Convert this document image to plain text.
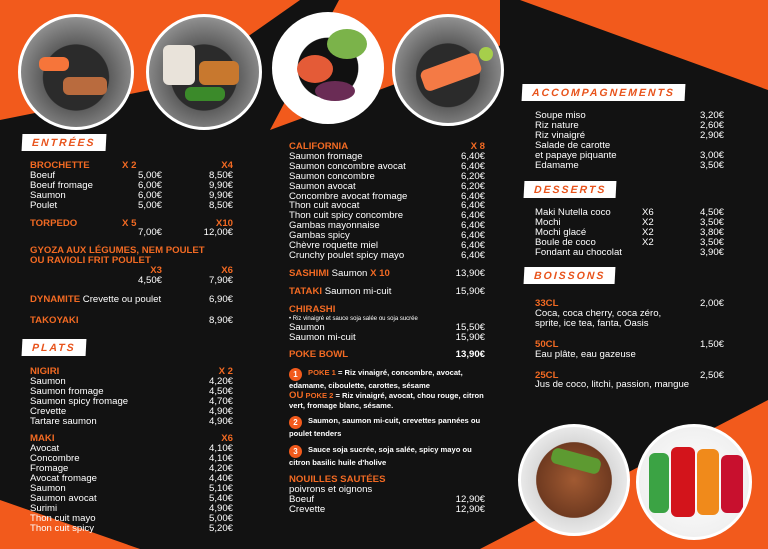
ENTRÉES
PLATS
ACCOMPAGNEMENTS
DESSERTS
BOISSONS
BROCHETTE	X 2	X4
Boeuf	5,00€	8,50€
Boeuf fromage	6,00€	9,90€
Saumon	6,00€	9,90€
Poulet	5,00€	8,50€
TORPEDO	X 5	X10
7,00€	12,00€
GYOZA AUX LÉGUMES, NEM POULET
OU RAVIOLI FRIT POULET
X3	X6
4,50€	7,90€
DYNAMITE Crevette ou poulet	6,90€
TAKOYAKI	8,90€
NIGIRI	X 2
Saumon	4,20€
Saumon fromage	4,50€
Saumon spicy fromage	4,70€
Crevette	4,90€
Tartare saumon	4,90€
MAKI	X6
Avocat	4,10€
Concombre	4,10€
Fromage	4,20€
Avocat fromage	4,40€
Saumon	5,10€
Saumon avocat	5,40€
Surimi	4,90€
Thon cuit mayo	5,00€
Thon cuit spicy	5,20€
CALIFORNIA	X 8
Saumon fromage	6,40€
Saumon concombre avocat	6,40€
Saumon concombre	6,20€
Saumon avocat	6,20€
Concombre avocat fromage	6,40€
Thon cuit avocat	6,40€
Thon cuit spicy concombre	6,40€
Gambas mayonnaise	6,40€
Gambas spicy	6,40€
Chèvre roquette miel	6,40€
Crunchy poulet spicy mayo	6,40€
SASHIMI Saumon X 10	13,90€
TATAKI Saumon mi-cuit	15,90€
CHIRASHI
• Riz vinaigré et sauce soja salée ou soja sucrée
Saumon	15,50€
Saumon mi-cuit	15,90€
POKE BOWL	13,90€

1 POKE 1 = Riz vinaigré, concombre, avocat, edamame, ciboulette, carottes, sésame
OU POKE 2 = Riz vinaigré, avocat, chou rouge, citron vert, fromage blanc, sésame.

2 Saumon, saumon mi-cuit, crevettes pannées ou poulet tenders

3 Sauce soja sucrée, soja salée, spicy mayo ou citron basilic huile d'holive

NOUILLES SAUTÉES
poivrons et oignons
Boeuf	12,90€
Crevette	12,90€
Soupe miso	3,20€
Riz nature	2,60€
Riz vinaigré	2,90€
Salade de carotte
et papaye piquante	3,00€
Edamame	3,50€
Maki Nutella coco	X6	4,50€
Mochi	X2	3,50€
Mochi glacé	X2	3,80€
Boule de coco	X2	3,50€
Fondant au chocolat	3,90€
33CL	2,00€
Coca, coca cherry, coca zéro,
sprite, ice tea, fanta, Oasis
50CL	1,50€
Eau plâte, eau gazeuse
25CL	2,50€
Jus de coco, litchi, passion, mangue
